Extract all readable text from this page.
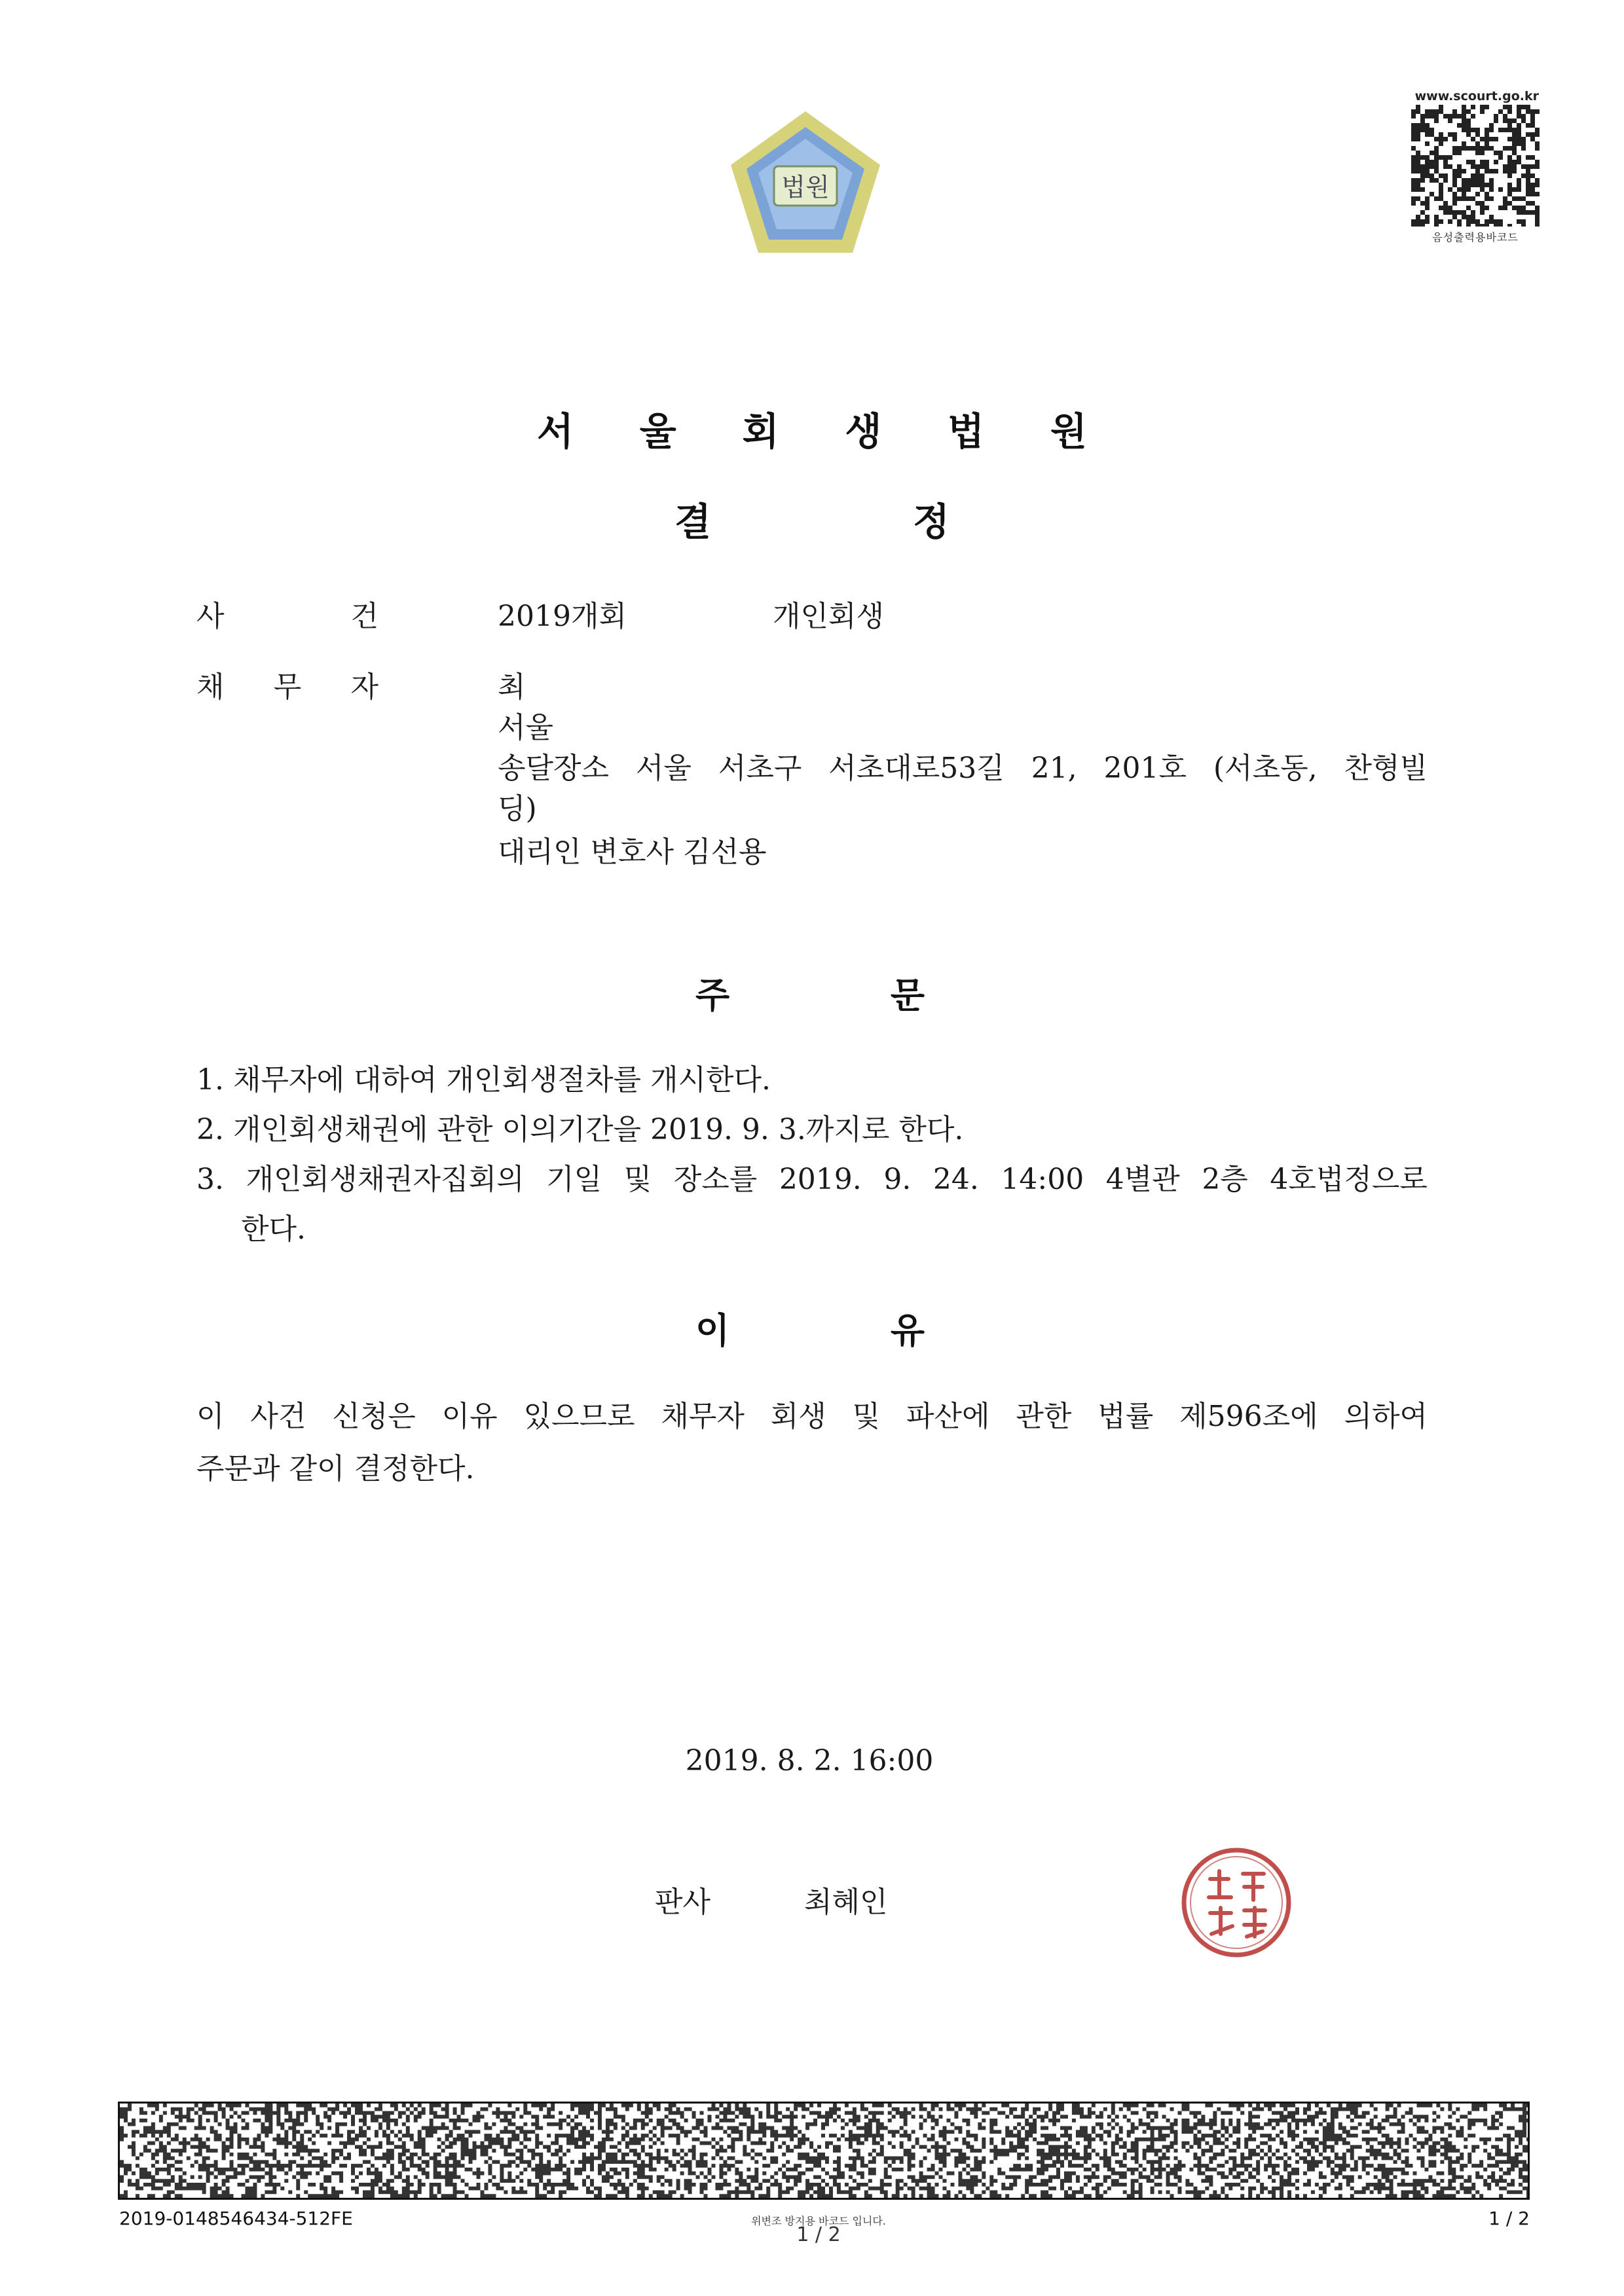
법원
www.scourt.go.kr
음성출력용바코드
서 울 회 생 법 원
결	정
사	건	2019개회	개인회생
채 무 자	최
서울
송달장소 서울 서초구 서초대로53길 21, 201호 (서초동, 찬형빌
딩)
대리인 변호사 김선용
주	문
1. 채무자에 대하여 개인회생절차를 개시한다.
2. 개인회생채권에 관한 이의기간을 2019. 9. 3.까지로 한다.
3. 개인회생채권자집회의 기일 및 장소를 2019. 9. 24. 14:00 4별관 2층 4호법정으로
한다.
이	유
이 사건 신청은 이유 있으므로 채무자 회생 및 파산에 관한 법률 제596조에 의하여
주문과 같이 결정한다.
2019. 8. 2. 16:00
판사	최혜인
2019-0148546434-512FE	위변조 방지용 바코드 입니다.
1 / 2
1 / 2
